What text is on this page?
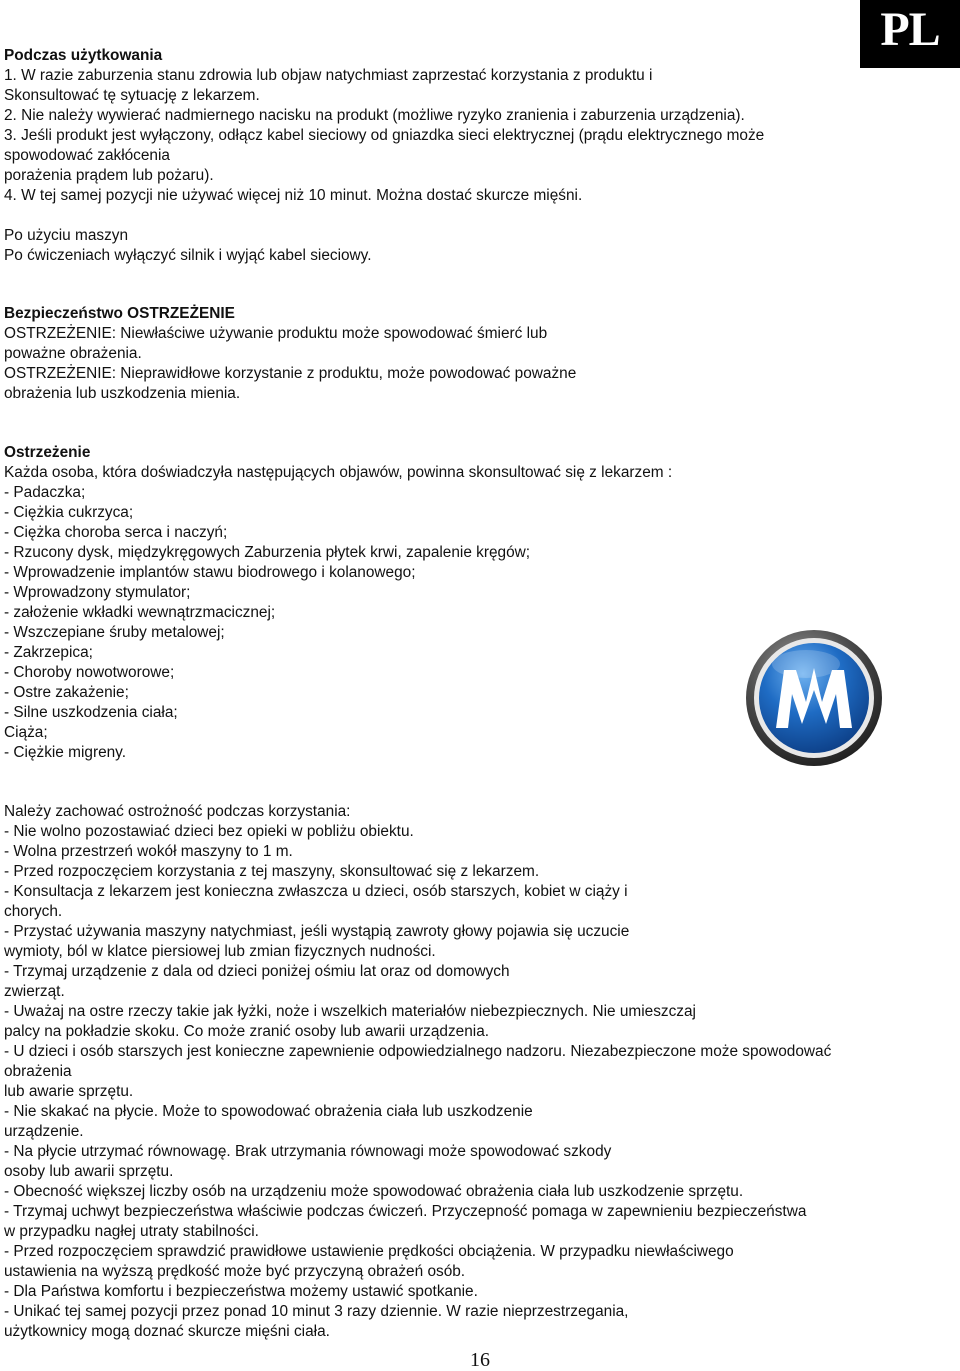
PL
Podczas użytkowania
1. W razie zaburzenia stanu zdrowia lub objaw natychmiast zaprzestać korzystania z produktu i
Skonsultować tę sytuację z lekarzem.
2. Nie należy wywierać nadmiernego nacisku na produkt (możliwe ryzyko zranienia i zaburzenia urządzenia).
3. Jeśli produkt jest wyłączony, odłącz kabel sieciowy od gniazdka sieci elektrycznej (prądu elektrycznego może
spowodować zakłócenia
porażenia prądem lub pożaru).
4. W tej samej pozycji nie używać więcej niż 10 minut. Można dostać skurcze mięśni.
Po użyciu maszyn
Po ćwiczeniach wyłączyć silnik i wyjąć kabel sieciowy.
Bezpieczeństwo OSTRZEŻENIE
OSTRZEŻENIE: Niewłaściwe używanie produktu może spowodować śmierć lub
poważne obrażenia.
OSTRZEŻENIE: Nieprawidłowe korzystanie z produktu, może powodować poważne
obrażenia lub uszkodzenia mienia.
Ostrzeżenie
Każda osoba, która doświadczyła następujących objawów, powinna skonsultować się z lekarzem :
- Padaczka;
- Ciężkia cukrzyca;
- Ciężka choroba serca i naczyń;
- Rzucony dysk, międzykręgowych Zaburzenia płytek krwi, zapalenie kręgów;
- Wprowadzenie implantów stawu biodrowego i kolanowego;
- Wprowadzony stymulator;
- założenie wkładki wewnątrzmacicznej;
- Wszczepiane śruby metalowej;
- Zakrzepica;
- Choroby nowotworowe;
- Ostre zakażenie;
- Silne uszkodzenia ciała;
Ciąża;
- Ciężkie migreny.
Należy zachować ostrożność podczas korzystania:
- Nie wolno pozostawiać dzieci bez opieki w pobliżu obiektu.
- Wolna przestrzeń wokół maszyny to 1 m.
- Przed rozpoczęciem korzystania z tej maszyny, skonsultować się z lekarzem.
- Konsultacja z lekarzem jest konieczna zwłaszcza u dzieci, osób starszych, kobiet w ciąży i
chorych.
- Przystać używania maszyny natychmiast, jeśli wystąpią zawroty głowy pojawia się uczucie
wymioty, ból w klatce piersiowej lub zmian fizycznych nudności.
- Trzymaj urządzenie z dala od dzieci poniżej ośmiu lat oraz od domowych
zwierząt.
- Uważaj na ostre rzeczy takie jak łyżki, noże i wszelkich materiałów niebezpiecznych. Nie umieszczaj
palcy na pokładzie skoku. Co może zranić osoby lub awarii urządzenia.
- U dzieci i osób starszych jest konieczne zapewnienie odpowiedzialnego nadzoru. Niezabezpieczone może spowodować
obrażenia
lub awarie sprzętu.
- Nie skakać na płycie. Może to spowodować obrażenia ciała lub uszkodzenie
urządzenie.
- Na płycie utrzymać równowagę. Brak utrzymania równowagi może spowodować szkody
osoby lub awarii sprzętu.
- Obecność większej liczby osób na urządzeniu może spowodować obrażenia ciała lub uszkodzenie sprzętu.
- Trzymaj uchwyt bezpieczeństwa właściwie podczas ćwiczeń. Przyczepność pomaga w zapewnieniu bezpieczeństwa
w przypadku nagłej utraty stabilności.
- Przed rozpoczęciem sprawdzić prawidłowe ustawienie prędkości obciążenia. W przypadku niewłaściwego
ustawienia na wyższą prędkość może być przyczyną obrażeń osób.
- Dla Państwa komfortu i bezpieczeństwa możemy ustawić spotkanie.
- Unikać tej samej pozycji przez ponad 10 minut 3 razy dziennie. W razie nieprzestrzegania,
użytkownicy mogą doznać skurcze mięśni ciała.
16
